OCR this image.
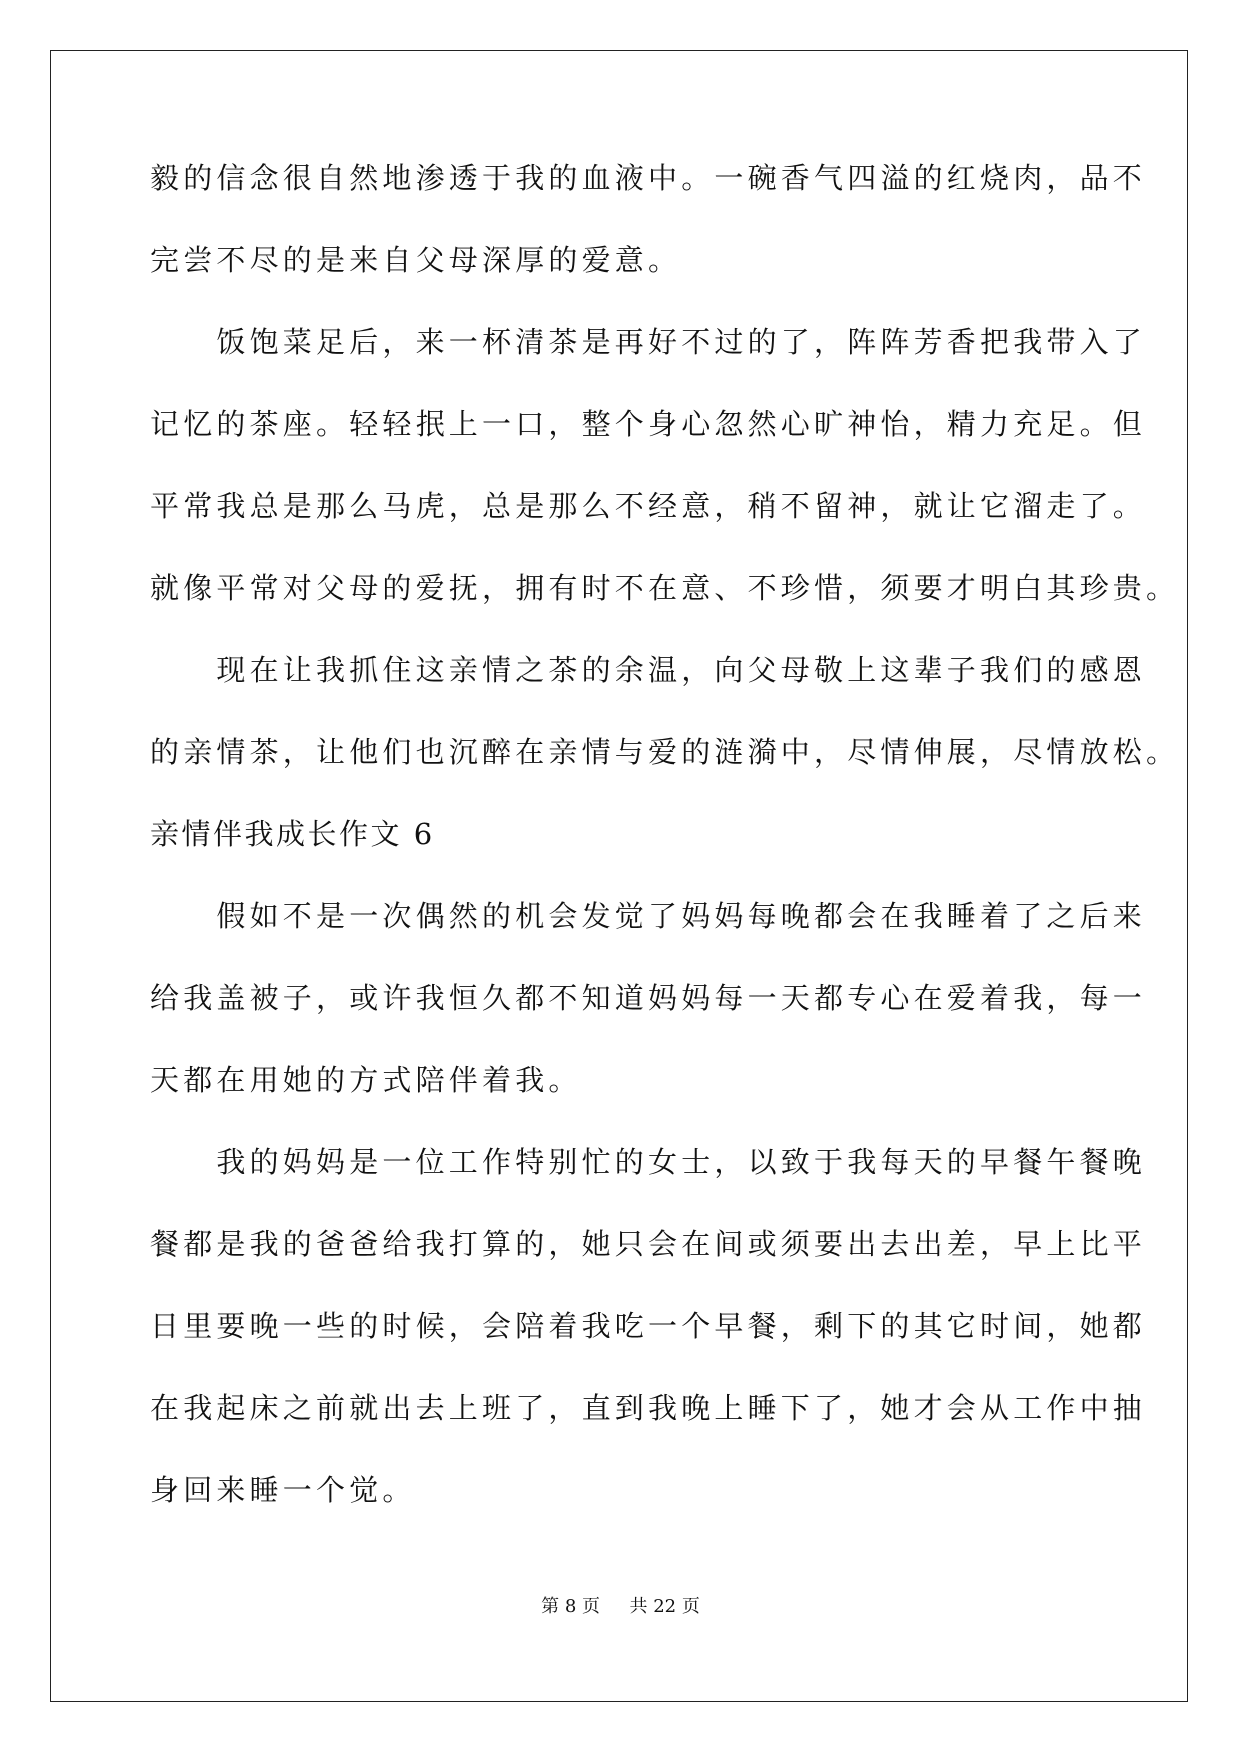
毅的信念很自然地渗透于我的血液中。一碗香气四溢的红烧肉，品不
完尝不尽的是来自父母深厚的爱意。
　　饭饱菜足后，来一杯清茶是再好不过的了，阵阵芳香把我带入了
记忆的茶座。轻轻抿上一口，整个身心忽然心旷神怡，精力充足。但
平常我总是那么马虎，总是那么不经意，稍不留神，就让它溜走了。
就像平常对父母的爱抚，拥有时不在意、不珍惜，须要才明白其珍贵。
　　现在让我抓住这亲情之茶的余温，向父母敬上这辈子我们的感恩
的亲情茶，让他们也沉醉在亲情与爱的涟漪中，尽情伸展，尽情放松。
亲情伴我成长作文 6
　　假如不是一次偶然的机会发觉了妈妈每晚都会在我睡着了之后来
给我盖被子，或许我恒久都不知道妈妈每一天都专心在爱着我，每一
天都在用她的方式陪伴着我。
　　我的妈妈是一位工作特别忙的女士，以致于我每天的早餐午餐晚
餐都是我的爸爸给我打算的，她只会在间或须要出去出差，早上比平
日里要晚一些的时候，会陪着我吃一个早餐，剩下的其它时间，她都
在我起床之前就出去上班了，直到我晚上睡下了，她才会从工作中抽
身回来睡一个觉。
第 8 页 共 22 页
